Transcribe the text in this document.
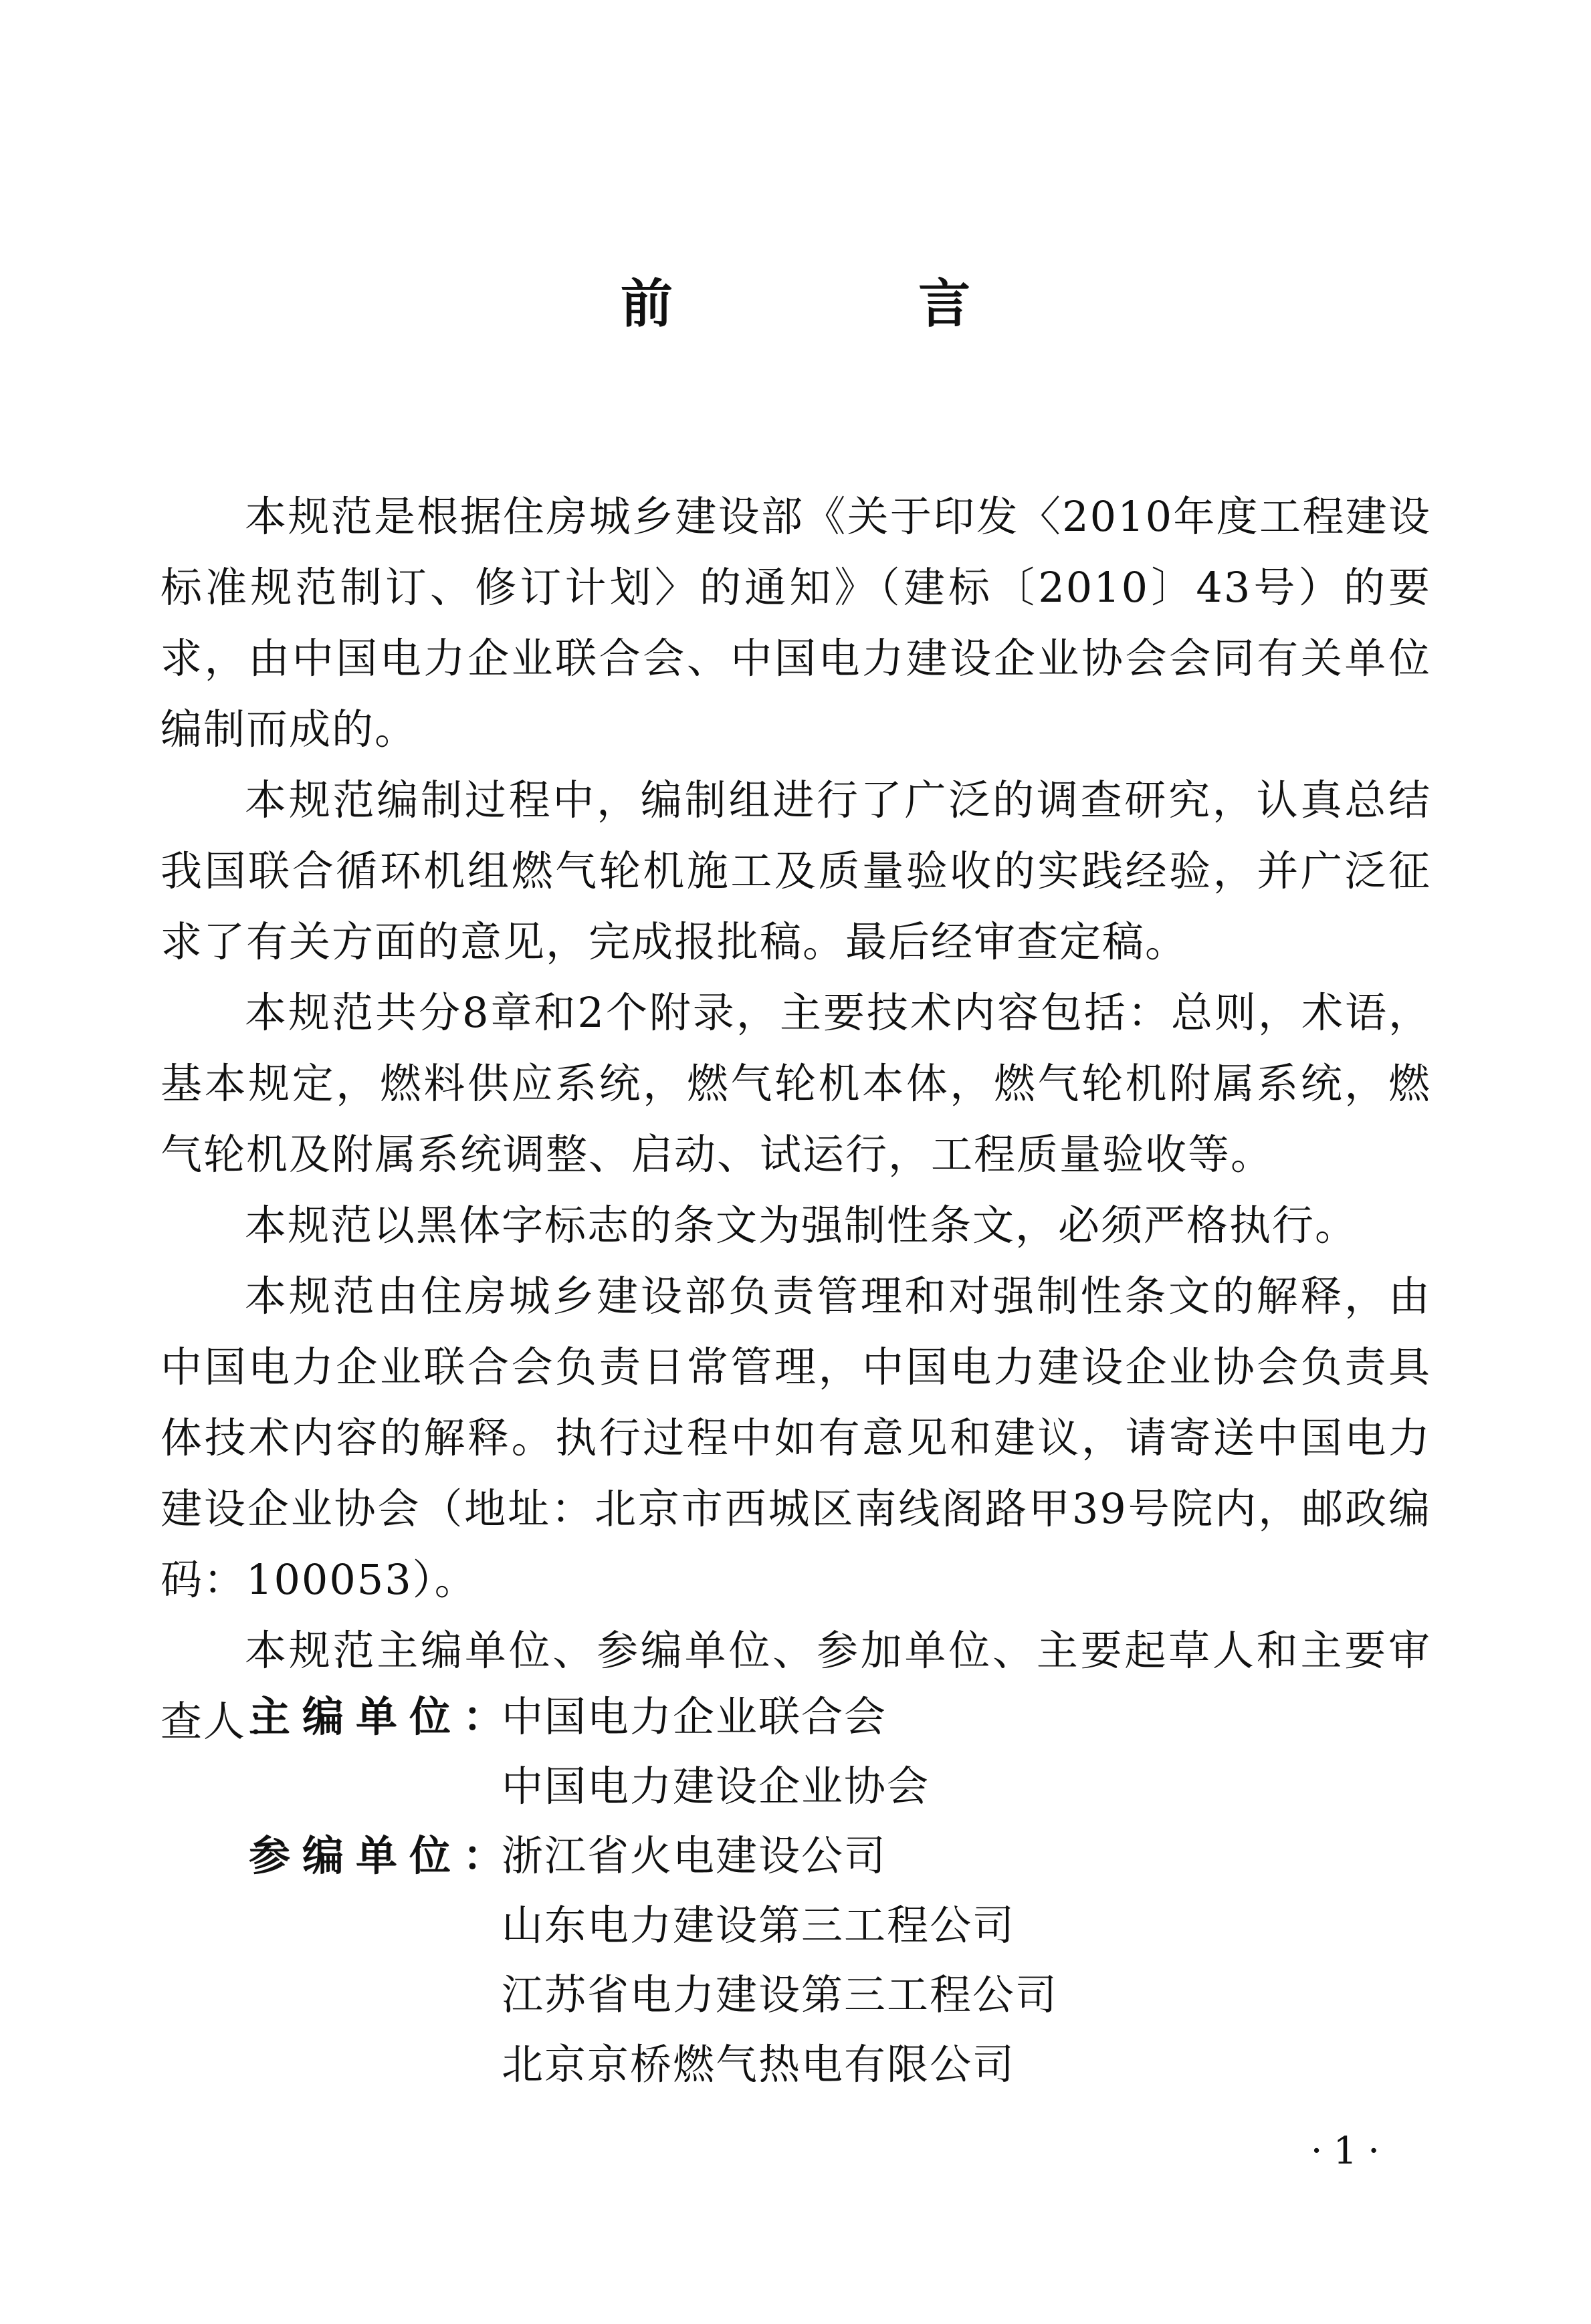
前 言

本规范是根据住房城乡建设部《关于印发〈2010年度工程建设标准规范制订、修订计划〉的通知》（建标〔2010〕43号）的要求，由中国电力企业联合会、中国电力建设企业协会会同有关单位编制而成的。

本规范编制过程中，编制组进行了广泛的调查研究，认真总结我国联合循环机组燃气轮机施工及质量验收的实践经验，并广泛征求了有关方面的意见，完成报批稿。最后经审查定稿。

本规范共分8章和2个附录，主要技术内容包括：总则，术语，基本规定，燃料供应系统，燃气轮机本体，燃气轮机附属系统，燃气轮机及附属系统调整、启动、试运行，工程质量验收等。

本规范以黑体字标志的条文为强制性条文，必须严格执行。

本规范由住房城乡建设部负责管理和对强制性条文的解释，由中国电力企业联合会负责日常管理，中国电力建设企业协会负责具体技术内容的解释。执行过程中如有意见和建议，请寄送中国电力建设企业协会（地址：北京市西城区南线阁路甲39号院内，邮政编码：100053）。

本规范主编单位、参编单位、参加单位、主要起草人和主要审查人：

主编单位：
中国电力企业联合会
中国电力建设企业协会
参编单位：
浙江省火电建设公司
山东电力建设第三工程公司
江苏省电力建设第三工程公司
北京京桥燃气热电有限公司
·1·
